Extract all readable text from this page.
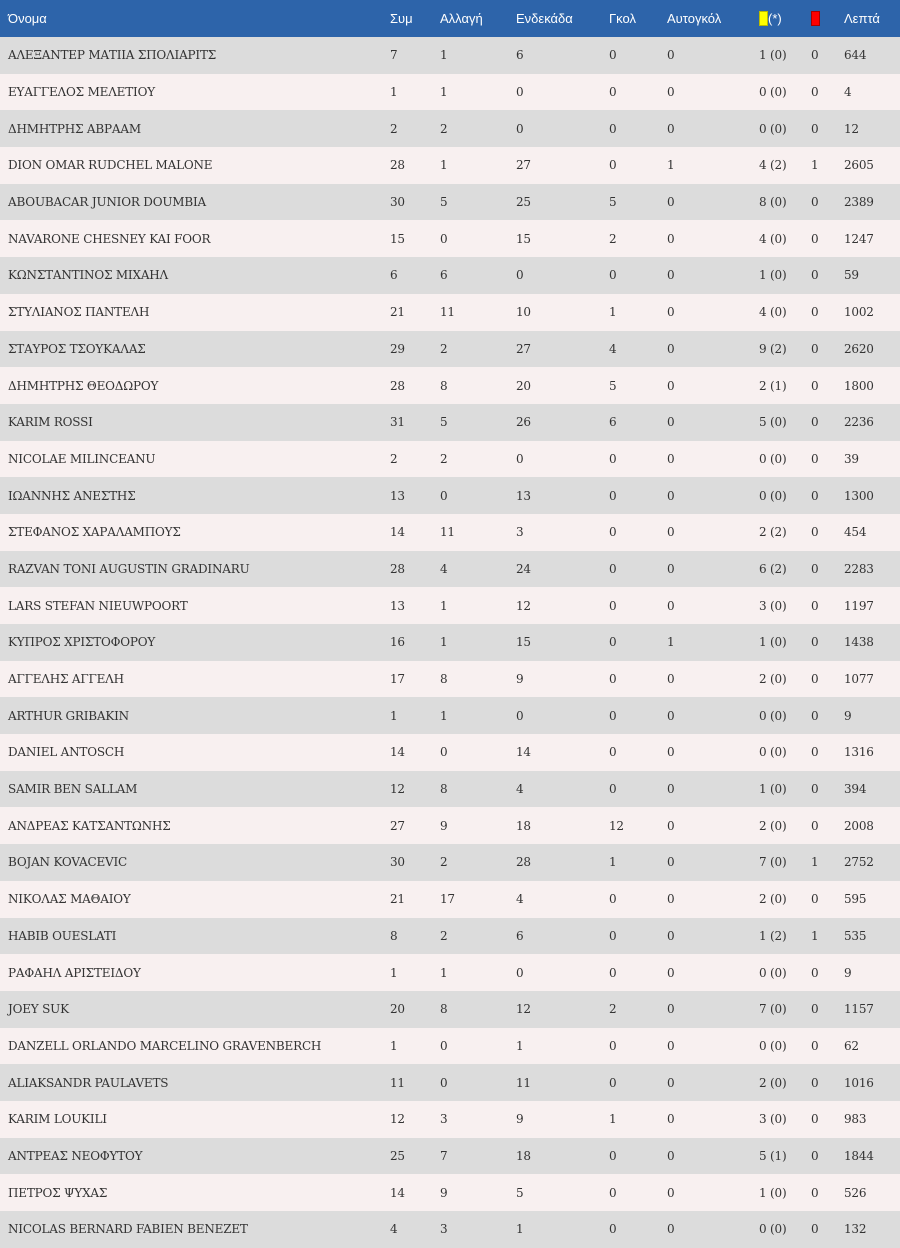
Όνομα	Συμ	Αλλαγή	Ενδεκάδα	Γκολ	Αυτογκόλ	(*)		Λεπτά
ΑΛΕΞΑΝΤΕΡ ΜΑΤΙΙΑ ΣΠΟΛΙΑΡΙΤΣ	7	1	6	0	0	1 (0)	0	644
ΕΥΑΓΓΕΛΟΣ ΜΕΛΕΤΙΟΥ	1	1	0	0	0	0 (0)	0	4
ΔΗΜΗΤΡΗΣ ΑΒΡΑΑΜ	2	2	0	0	0	0 (0)	0	12
DION OMAR RUDCHEL MALONE	28	1	27	0	1	4 (2)	1	2605
ABOUBACAR JUNIOR DOUMBIA	30	5	25	5	0	8 (0)	0	2389
NAVARONE CHESNEY KAI FOOR	15	0	15	2	0	4 (0)	0	1247
ΚΩΝΣΤΑΝΤΙΝΟΣ ΜΙΧΑΗΛ	6	6	0	0	0	1 (0)	0	59
ΣΤΥΛΙΑΝΟΣ ΠΑΝΤΕΛΗ	21	11	10	1	0	4 (0)	0	1002
ΣΤΑΥΡΟΣ ΤΣΟΥΚΑΛΑΣ	29	2	27	4	0	9 (2)	0	2620
ΔΗΜΗΤΡΗΣ ΘΕΟΔΩΡΟΥ	28	8	20	5	0	2 (1)	0	1800
KARIM ROSSI	31	5	26	6	0	5 (0)	0	2236
NICOLAE MILINCEANU	2	2	0	0	0	0 (0)	0	39
ΙΩΑΝΝΗΣ ΑΝΕΣΤΗΣ	13	0	13	0	0	0 (0)	0	1300
ΣΤΕΦΑΝΟΣ ΧΑΡΑΛΑΜΠΟΥΣ	14	11	3	0	0	2 (2)	0	454
RAZVAN TONI AUGUSTIN GRADINARU	28	4	24	0	0	6 (2)	0	2283
LARS STEFAN NIEUWPOORT	13	1	12	0	0	3 (0)	0	1197
ΚΥΠΡΟΣ ΧΡΙΣΤΟΦΟΡΟΥ	16	1	15	0	1	1 (0)	0	1438
ΑΓΓΕΛΗΣ ΑΓΓΕΛΗ	17	8	9	0	0	2 (0)	0	1077
ARTHUR GRIBAKIN	1	1	0	0	0	0 (0)	0	9
DANIEL ANTOSCH	14	0	14	0	0	0 (0)	0	1316
SAMIR BEN SALLAM	12	8	4	0	0	1 (0)	0	394
ΑΝΔΡΕΑΣ ΚΑΤΣΑΝΤΩΝΗΣ	27	9	18	12	0	2 (0)	0	2008
BOJAN KOVACEVIC	30	2	28	1	0	7 (0)	1	2752
ΝΙΚΟΛΑΣ ΜΑΘΑΙΟΥ	21	17	4	0	0	2 (0)	0	595
HABIB OUESLATI	8	2	6	0	0	1 (2)	1	535
ΡΑΦΑΗΛ ΑΡΙΣΤΕΙΔΟΥ	1	1	0	0	0	0 (0)	0	9
JOEY SUK	20	8	12	2	0	7 (0)	0	1157
DANZELL ORLANDO MARCELINO GRAVENBERCH	1	0	1	0	0	0 (0)	0	62
ALIAKSANDR PAULAVETS	11	0	11	0	0	2 (0)	0	1016
KARIM LOUKILI	12	3	9	1	0	3 (0)	0	983
ΑΝΤΡΕΑΣ ΝΕΟΦΥΤΟΥ	25	7	18	0	0	5 (1)	0	1844
ΠΕΤΡΟΣ ΨΥΧΑΣ	14	9	5	0	0	1 (0)	0	526
NICOLAS BERNARD FABIEN BENEZET	4	3	1	0	0	0 (0)	0	132
